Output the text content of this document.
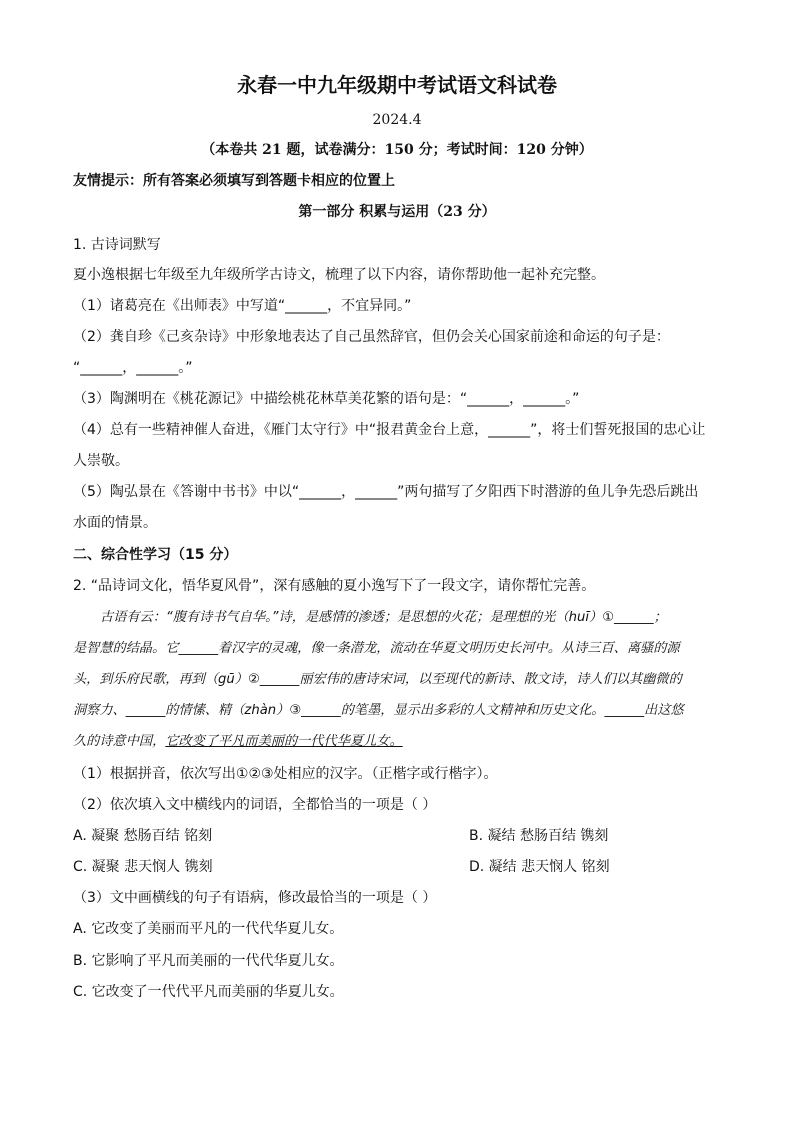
永春一中九年级期中考试语文科试卷
2024.4
（本卷共 21 题，试卷满分：150 分；考试时间：120 分钟）
友情提示：所有答案必须填写到答题卡相应的位置上
第一部分 积累与运用（23 分）
1. 古诗词默写
夏小逸根据七年级至九年级所学古诗文，梳理了以下内容，请你帮助他一起补充完整。
（1）诸葛亮在《出师表》中写道“______，不宜异同。”
（2）龚自珍《己亥杂诗》中形象地表达了自己虽然辞官，但仍会关心国家前途和命运的句子是：
“______，______。”
（3）陶渊明在《桃花源记》中描绘桃花林草美花繁的语句是：“______，______。”
（4）总有一些精神催人奋进，《雁门太守行》中“报君黄金台上意，______”，将士们誓死报国的忠心让
人崇敬。
（5）陶弘景在《答谢中书书》中以“______，______”两句描写了夕阳西下时潜游的鱼儿争先恐后跳出
水面的情景。
二、综合性学习（15 分）
2. “品诗词文化，悟华夏风骨”，深有感触的夏小逸写下了一段文字，请你帮忙完善。
古语有云：“腹有诗书气自华。”诗，是感情的渗透；是思想的火花；是理想的光（huī）①______；
是智慧的结晶。它______着汉字的灵魂，像一条潜龙，流动在华夏文明历史长河中。从诗三百、离骚的源
头，到乐府民歌，再到（gū）②______丽宏伟的唐诗宋词，以至现代的新诗、散文诗，诗人们以其幽微的
洞察力、______的情愫、精（zhàn）③______的笔墨，显示出多彩的人文精神和历史文化。______出这悠
久的诗意中国，它改变了平凡而美丽的一代代华夏儿女。
（1）根据拼音，依次写出①②③处相应的汉字。（正楷字或行楷字）。
（2）依次填入文中横线内的词语，全都恰当的一项是（ ）
A. 凝聚 愁肠百结 铭刻	B. 凝结 愁肠百结 镌刻
C. 凝聚 悲天悯人 镌刻	D. 凝结 悲天悯人 铭刻
（3）文中画横线的句子有语病，修改最恰当的一项是（ ）
A. 它改变了美丽而平凡的一代代华夏儿女。
B. 它影响了平凡而美丽的一代代华夏儿女。
C. 它改变了一代代平凡而美丽的华夏儿女。
